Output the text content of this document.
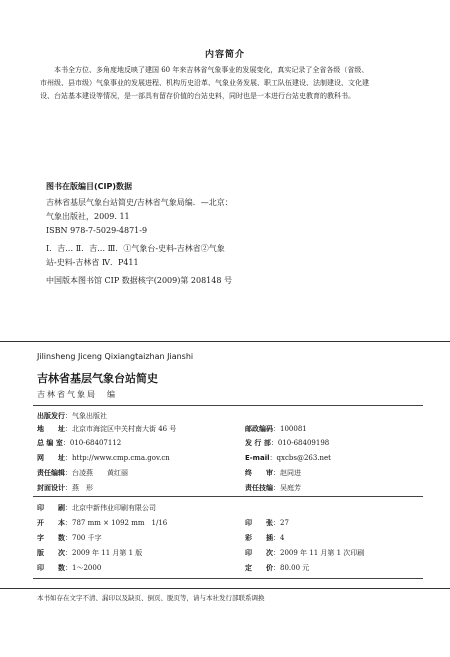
内容简介
本书全方位、多角度地反映了建国 60 年来吉林省气象事业的发展变化，真实记录了全省各级（省级、
市州级、县市级）气象事业的发展进程、机构历史沿革、气象业务发展、职工队伍建设、法制建设、文化建
设、台站基本建设等情况，是一部具有留存价值的台站史料，同时也是一本进行台站史教育的教科书。
图书在版编目(CIP)数据
吉林省基层气象台站简史/吉林省气象局编．—北京：
气象出版社，2009. 11
ISBN 978-7-5029-4871-9
Ⅰ．吉… Ⅱ．吉… Ⅲ．①气象台-史料-吉林省②气象
站-史料-吉林省 Ⅳ．P411
中国版本图书馆 CIP 数据核字(2009)第 208148 号
Jilinsheng Jiceng Qixiangtaizhan Jianshi
吉林省基层气象台站简史
吉林省气象局　编
出版发行：气象出版社
地　　址：北京市海淀区中关村南大街 46 号	邮政编码：100081
总 编 室：010-68407112	发 行 部：010-68409198
网　　址：http://www.cmp.cma.gov.cn	E-mail：qxcbs@263.net
责任编辑：台凌燕　　黄红丽	终　　审：赵同进
封面设计：燕　形	责任技编：吴庭芳
印　　刷：北京中新伟业印刷有限公司
开　　本：787 mm × 1092 mm　1/16	印　　张：27
字　　数：700 千字	彩　　插：4
版　　次：2009 年 11 月第 1 版	印　　次：2009 年 11 月第 1 次印刷
印　　数：1～2000	定　　价：80.00 元
本书如存在文字不清、漏印以及缺页、倒页、脱页等，请与本社发行部联系调换
